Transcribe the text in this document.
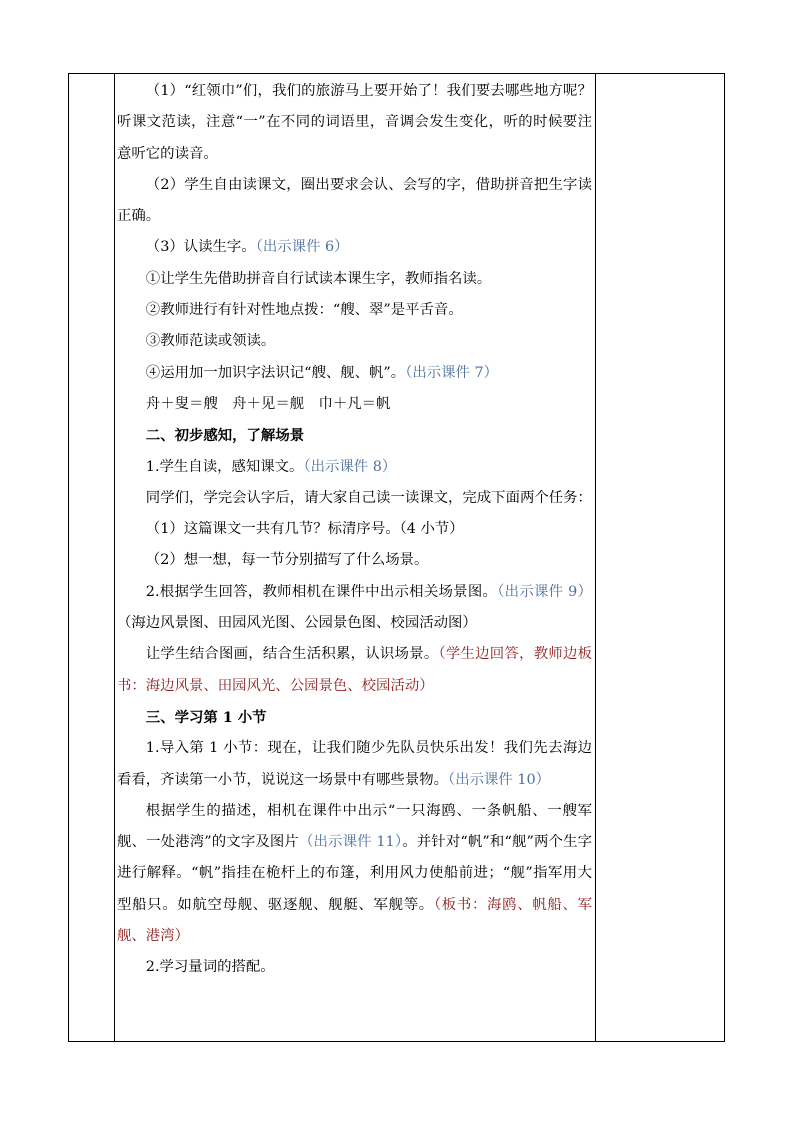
（1）“红领巾”们，我们的旅游马上要开始了！我们要去哪些地方呢？听课文范读，注意“一”在不同的词语里，音调会发生变化，听的时候要注意听它的读音。

（2）学生自由读课文，圈出要求会认、会写的字，借助拼音把生字读正确。

（3）认读生字。（出示课件 6）

①让学生先借助拼音自行试读本课生字，教师指名读。

②教师进行有针对性地点拨：“艘、翠”是平舌音。

③教师范读或领读。

④运用加一加识字法识记“艘、舰、帆”。（出示课件 7）

舟＋叟＝艘　舟＋见＝舰　巾＋凡＝帆

二、初步感知，了解场景

1.学生自读，感知课文。（出示课件 8）

同学们，学完会认字后，请大家自己读一读课文，完成下面两个任务：

（1）这篇课文一共有几节？标清序号。（4 小节）

（2）想一想，每一节分别描写了什么场景。

2.根据学生回答，教师相机在课件中出示相关场景图。（出示课件 9）（海边风景图、田园风光图、公园景色图、校园活动图）

让学生结合图画，结合生活积累，认识场景。（学生边回答，教师边板书：海边风景、田园风光、公园景色、校园活动）

三、学习第 1 小节

1.导入第 1 小节：现在，让我们随少先队员快乐出发！我们先去海边看看，齐读第一小节，说说这一场景中有哪些景物。（出示课件 10）

根据学生的描述，相机在课件中出示“一只海鸥、一条帆船、一艘军舰、一处港湾”的文字及图片（出示课件 11）。并针对“帆”和“舰”两个生字进行解释。“帆”指挂在桅杆上的布篷，利用风力使船前进；“舰”指军用大型船只。如航空母舰、驱逐舰、舰艇、军舰等。（板书：海鸥、帆船、军舰、港湾）

2.学习量词的搭配。
